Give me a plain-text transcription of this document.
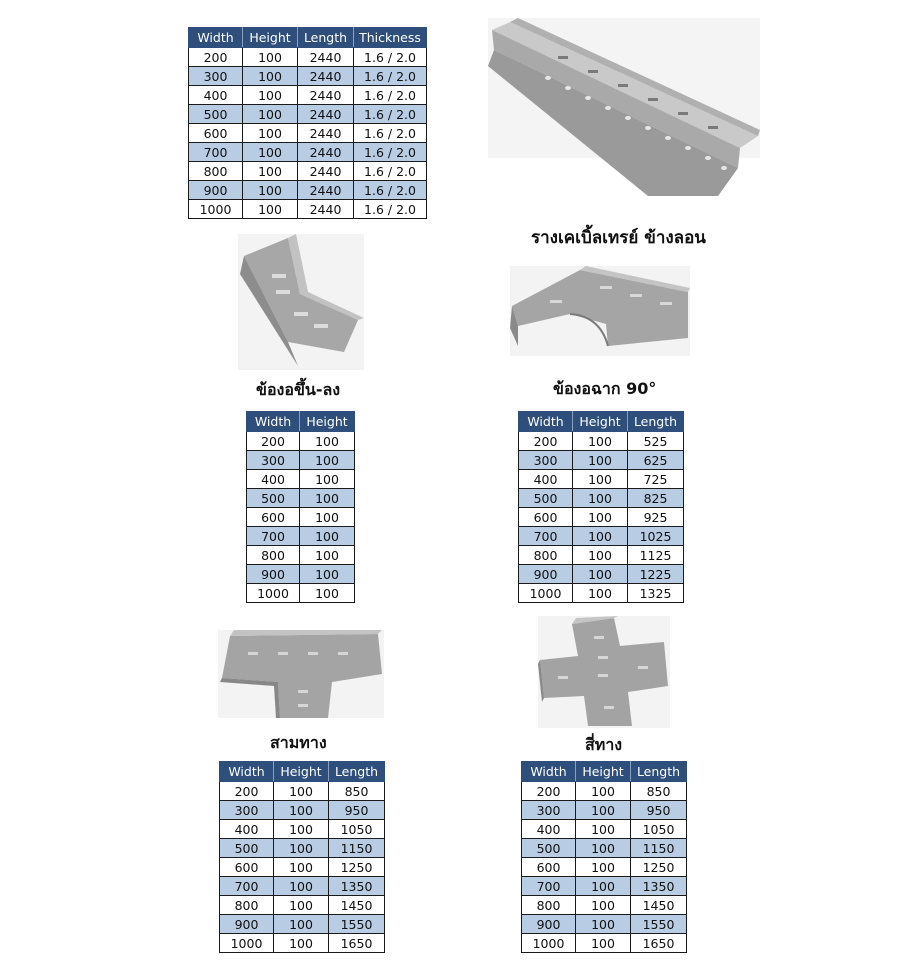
Width	Height	Length	Thickness
200	100	2440	1.6 / 2.0
300	100	2440	1.6 / 2.0
400	100	2440	1.6 / 2.0
500	100	2440	1.6 / 2.0
600	100	2440	1.6 / 2.0
700	100	2440	1.6 / 2.0
800	100	2440	1.6 / 2.0
900	100	2440	1.6 / 2.0
1000	100	2440	1.6 / 2.0
รางเคเบิ้ลเทรย์ ข้างลอน
ข้องอขึ้น-ลง
Width	Height
200	100
300	100
400	100
500	100
600	100
700	100
800	100
900	100
1000	100
ข้องอฉาก 90°
Width	Height	Length
200	100	525
300	100	625
400	100	725
500	100	825
600	100	925
700	100	1025
800	100	1125
900	100	1225
1000	100	1325
สามทาง
Width	Height	Length
200	100	850
300	100	950
400	100	1050
500	100	1150
600	100	1250
700	100	1350
800	100	1450
900	100	1550
1000	100	1650
สี่ทาง
Width	Height	Length
200	100	850
300	100	950
400	100	1050
500	100	1150
600	100	1250
700	100	1350
800	100	1450
900	100	1550
1000	100	1650
